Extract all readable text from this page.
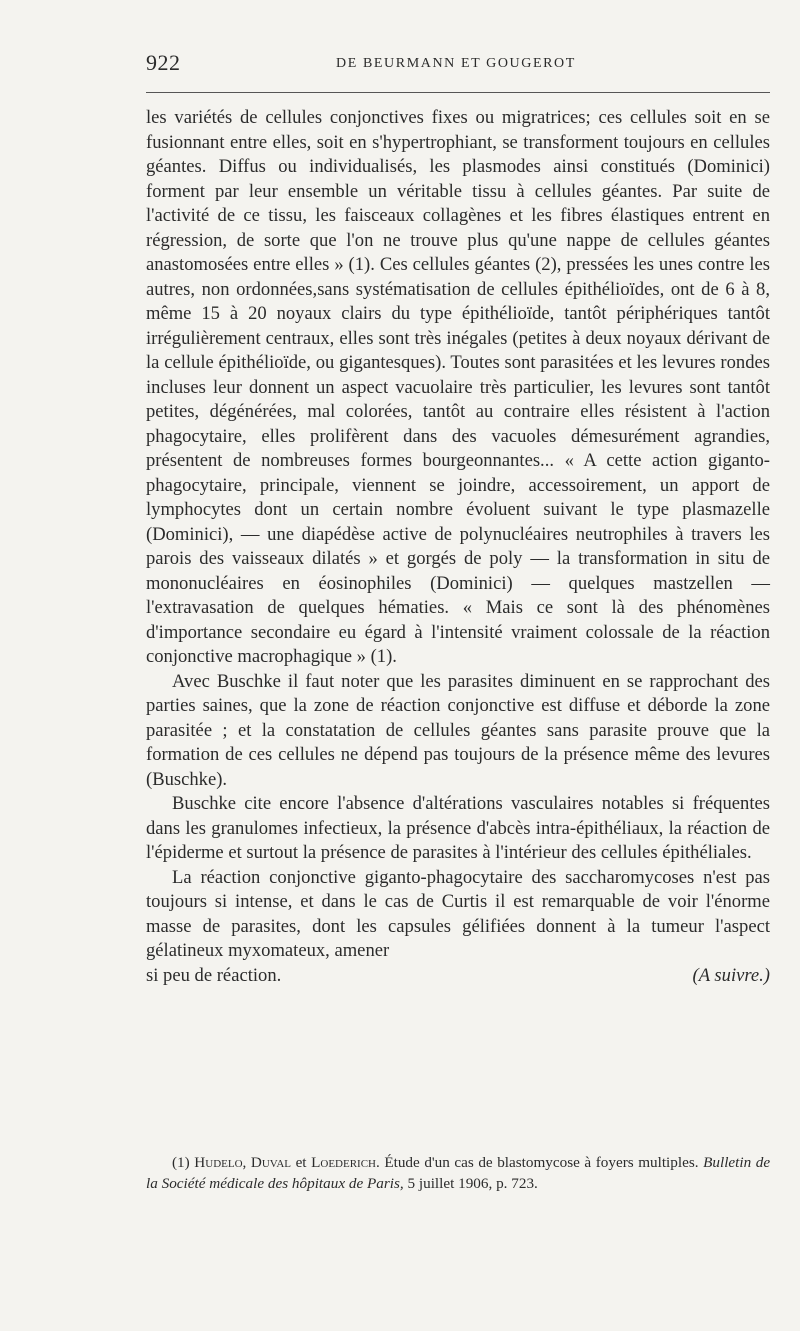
922	DE BEURMANN ET GOUGEROT

les variétés de cellules conjonctives fixes ou migratrices; ces cellules soit en se fusionnant entre elles, soit en s'hypertrophiant, se transforment toujours en cellules géantes. Diffus ou individualisés, les plasmodes ainsi constitués (Dominici) forment par leur ensemble un véritable tissu à cellules géantes. Par suite de l'activité de ce tissu, les faisceaux collagènes et les fibres élastiques entrent en régression, de sorte que l'on ne trouve plus qu'une nappe de cellules géantes anastomosées entre elles » (1). Ces cellules géantes (2), pressées les unes contre les autres, non ordonnées,sans systématisation de cellules épithélioïdes, ont de 6 à 8, même 15 à 20 noyaux clairs du type épithélioïde, tantôt périphériques tantôt irrégulièrement centraux, elles sont très inégales (petites à deux noyaux dérivant de la cellule épithélioïde, ou gigantesques). Toutes sont parasitées et les levures rondes incluses leur donnent un aspect vacuolaire très particulier, les levures sont tantôt petites, dégénérées, mal colorées, tantôt au contraire elles résistent à l'action phagocytaire, elles prolifèrent dans des vacuoles démesurément agrandies, présentent de nombreuses formes bourgeonnantes... « A cette action giganto-phagocytaire, principale, viennent se joindre, accessoirement, un apport de lymphocytes dont un certain nombre évoluent suivant le type plasmazelle (Dominici), — une diapédèse active de polynucléaires neutrophiles à travers les parois des vaisseaux dilatés » et gorgés de poly — la transformation in situ de mononucléaires en éosinophiles (Dominici) — quelques mastzellen — l'extravasation de quelques hématies. « Mais ce sont là des phénomènes d'importance secondaire eu égard à l'intensité vraiment colossale de la réaction conjonctive macrophagique » (1).

Avec Buschke il faut noter que les parasites diminuent en se rapprochant des parties saines, que la zone de réaction conjonctive est diffuse et déborde la zone parasitée ; et la constatation de cellules géantes sans parasite prouve que la formation de ces cellules ne dépend pas toujours de la présence même des levures (Buschke).

Buschke cite encore l'absence d'altérations vasculaires notables si fréquentes dans les granulomes infectieux, la présence d'abcès intra-épithéliaux, la réaction de l'épiderme et surtout la présence de parasites à l'intérieur des cellules épithéliales.

La réaction conjonctive giganto-phagocytaire des saccharomycoses n'est pas toujours si intense, et dans le cas de Curtis il est remarquable de voir l'énorme masse de parasites, dont les capsules gélifiées donnent à la tumeur l'aspect gélatineux myxomateux, amener

si peu de réaction.	(A suivre.)
(1) Hudelo, Duval et Loederich. Étude d'un cas de blastomycose à foyers multiples. Bulletin de la Société médicale des hôpitaux de Paris, 5 juillet 1906, p. 723.
